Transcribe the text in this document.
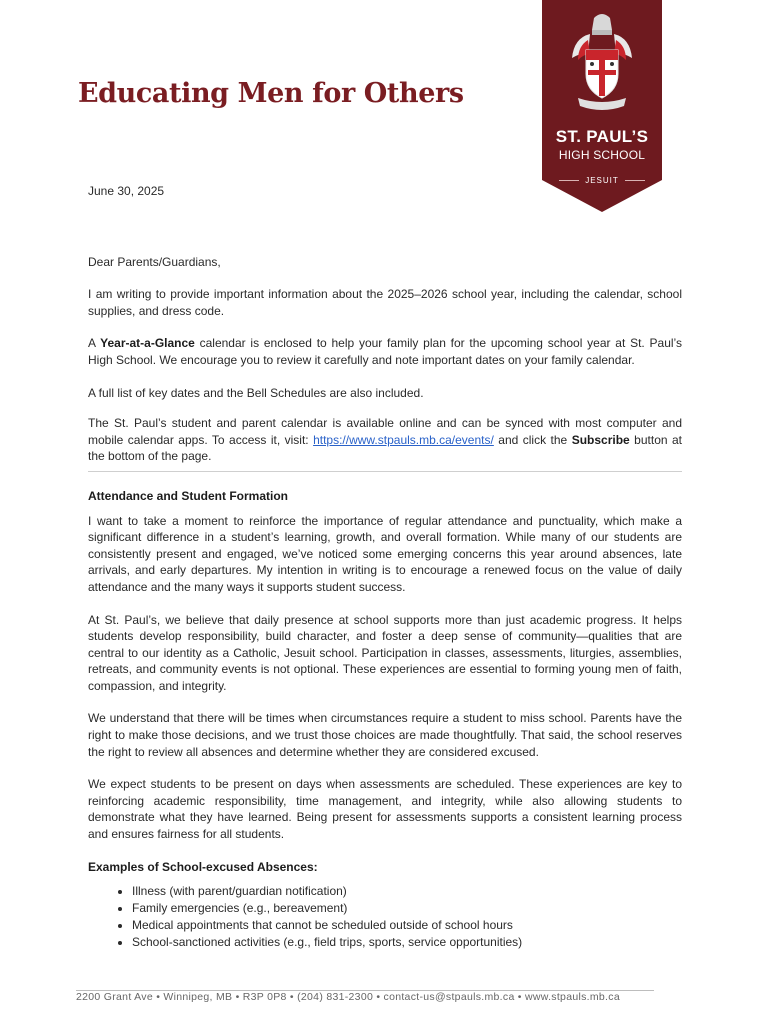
Educating Men for Others
ST. PAUL’S
HIGH SCHOOL
JESUIT

June 30, 2025

Dear Parents/Guardians,

I am writing to provide important information about the 2025–2026 school year, including the calendar, school supplies, and dress code.

A Year-at-a-Glance calendar is enclosed to help your family plan for the upcoming school year at St. Paul’s High School. We encourage you to review it carefully and note important dates on your family calendar.

A full list of key dates and the Bell Schedules are also included.

The St. Paul’s student and parent calendar is available online and can be synced with most computer and mobile calendar apps. To access it, visit: https://www.stpauls.mb.ca/events/ and click the Subscribe button at the bottom of the page.

Attendance and Student Formation

I want to take a moment to reinforce the importance of regular attendance and punctuality, which make a significant difference in a student’s learning, growth, and overall formation. While many of our students are consistently present and engaged, we’ve noticed some emerging concerns this year around absences, late arrivals, and early departures. My intention in writing is to encourage a renewed focus on the value of daily attendance and the many ways it supports student success.

At St. Paul’s, we believe that daily presence at school supports more than just academic progress. It helps students develop responsibility, build character, and foster a deep sense of community—qualities that are central to our identity as a Catholic, Jesuit school. Participation in classes, assessments, liturgies, assemblies, retreats, and community events is not optional. These experiences are essential to forming young men of faith, compassion, and integrity.

We understand that there will be times when circumstances require a student to miss school. Parents have the right to make those decisions, and we trust those choices are made thoughtfully. That said, the school reserves the right to review all absences and determine whether they are considered excused.

We expect students to be present on days when assessments are scheduled. These experiences are key to reinforcing academic responsibility, time management, and integrity, while also allowing students to demonstrate what they have learned. Being present for assessments supports a consistent learning process and ensures fairness for all students.

Examples of School-excused Absences:

• Illness (with parent/guardian notification)
• Family emergencies (e.g., bereavement)
• Medical appointments that cannot be scheduled outside of school hours
• School-sanctioned activities (e.g., field trips, sports, service opportunities)
2200 Grant Ave • Winnipeg, MB • R3P 0P8 • (204) 831-2300 • contact-us@stpauls.mb.ca • www.stpauls.mb.ca
